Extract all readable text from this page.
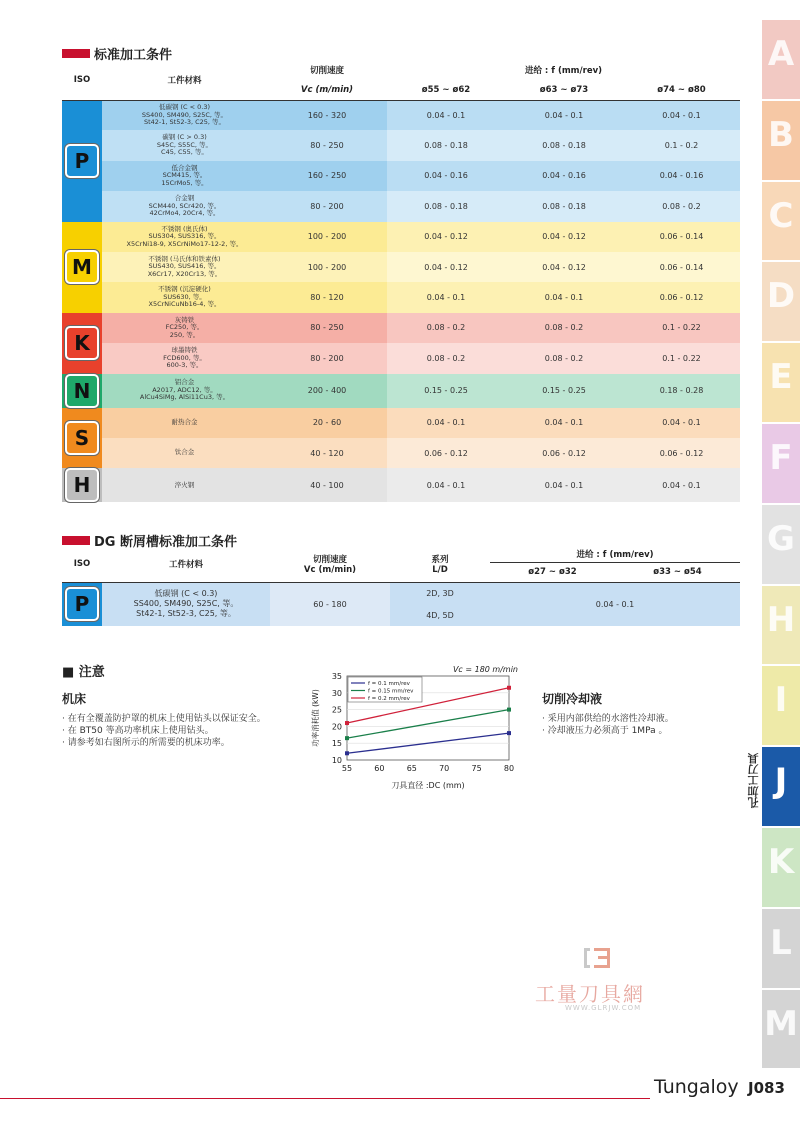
标准加工条件
ISO	工件材料	切削速度	进给 : f (mm/rev)		
		Vc (m/min)	ø55 ~ ø62	ø63 ~ ø73	ø74 ~ ø80
P	低碳钢 (C < 0.3)
SS400, SM490, S25C, 等。
St42-1, St52-3, C25, 等。	160 - 320	0.04 - 0.1	0.04 - 0.1	0.04 - 0.1

	碳钢 (C > 0.3)
S45C, S55C, 等。
C45, C55, 等。	80 - 250	0.08 - 0.18	0.08 - 0.18	0.1 - 0.2

	低合金钢
SCM415, 等。
15CrMo5, 等。	160 - 250	0.04 - 0.16	0.04 - 0.16	0.04 - 0.16

	合金钢
SCM440, SCr420, 等。
42CrMo4, 20Cr4, 等。	80 - 200	0.08 - 0.18	0.08 - 0.18	0.08 - 0.2
M	不锈钢 (奥氏体)
SUS304, SUS316, 等。
X5CrNi18-9, X5CrNiMo17-12-2, 等。	100 - 200	0.04 - 0.12	0.04 - 0.12	0.06 - 0.14

	不锈钢 (马氏体和铁素体)
SUS430, SUS416, 等。
X6Cr17, X20Cr13, 等。	100 - 200	0.04 - 0.12	0.04 - 0.12	0.06 - 0.14

	不锈钢 (沉淀硬化)
SUS630, 等。
X5CrNiCuNb16-4, 等。	80 - 120	0.04 - 0.1	0.04 - 0.1	0.06 - 0.12
K	灰铸铁
FC250, 等。
250, 等。	80 - 250	0.08 - 0.2	0.08 - 0.2	0.1 - 0.22

	球墨铸铁
FCD600, 等。
600-3, 等。	80 - 200	0.08 - 0.2	0.08 - 0.2	0.1 - 0.22
N	铝合金
A2017, ADC12, 等。
AlCu4SiMg, AlSi11Cu3, 等。	200 - 400	0.15 - 0.25	0.15 - 0.25	0.18 - 0.28
S	耐热合金	20 - 60	0.04 - 0.1	0.04 - 0.1	0.04 - 0.1

	钛合金	40 - 120	0.06 - 0.12	0.06 - 0.12	0.06 - 0.12
H	淬火钢	40 - 100	0.04 - 0.1	0.04 - 0.1	0.04 - 0.1
DG 断屑槽标准加工条件
ISO	工件材料	切削速度
Vc (m/min)	系列
L/D	进给 : f (mm/rev)	
				ø27 ~ ø32	ø33 ~ ø54
P	低碳钢 (C < 0.3)
SS400, SM490, S25C, 等。
St42-1, St52-3, C25, 等。	60 - 180	2D, 3D	0.04 - 0.1	
			4D, 5D		
■ 注意
机床
· 在有全覆盖防护罩的机床上使用钻头以保证安全。
· 在 BT50 等高功率机床上使用钻头。
· 请参考如右图所示的所需要的机床功率。
切削冷却液
· 采用内部供给的水溶性冷却液。
· 冷却液压力必须高于 1MPa 。
Vc = 180 m/min
55	60	65	70	75	80
10
15
20
25
30
35
f = 0.1 mm/rev
f = 0.15 mm/rev
f = 0.2 mm/rev
刀具直径 :DC (mm)
功率消耗值 (kW)
材质 A
刀片 B
外圆刀杆 C
内孔刀杆 D
螺纹加工 E
槽加工 F
小零件刀具 G
铣刀 H
立铣刀 I
孔加工刀具 J
工具系统 K
用户指南 L
索引 M
工量刀具網
WWW.GLRJW.COM
Tungaloy J083
